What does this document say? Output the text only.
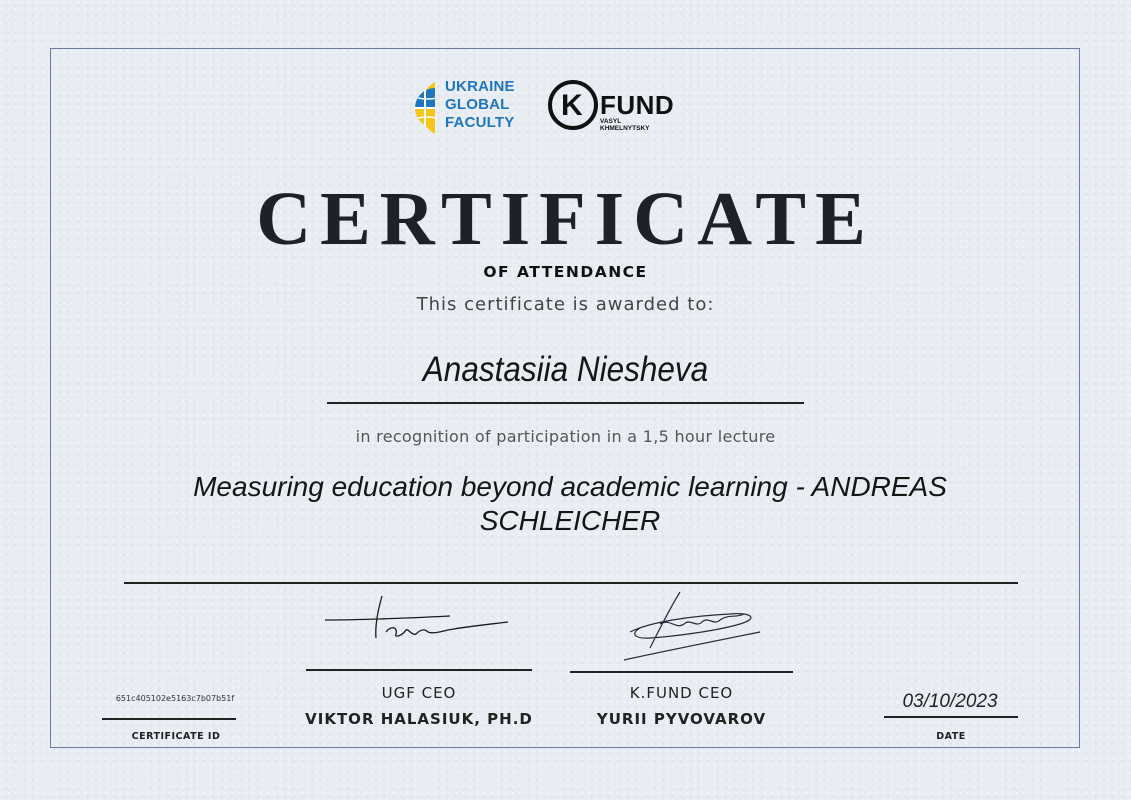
UKRAINE
GLOBAL
FACULTY
K FUND
VASYL
KHMELNYTSKY
CERTIFICATE
OF ATTENDANCE
This certificate is awarded to:
Anastasiia Niesheva
in recognition of participation in a 1,5 hour lecture
Measuring education beyond academic learning - ANDREAS
SCHLEICHER
UGF CEO
VIKTOR HALASIUK, PH.D
K.FUND CEO
YURII PYVOVAROV
651c405102e5163c7b07b51f
CERTIFICATE ID
03/10/2023
DATE
